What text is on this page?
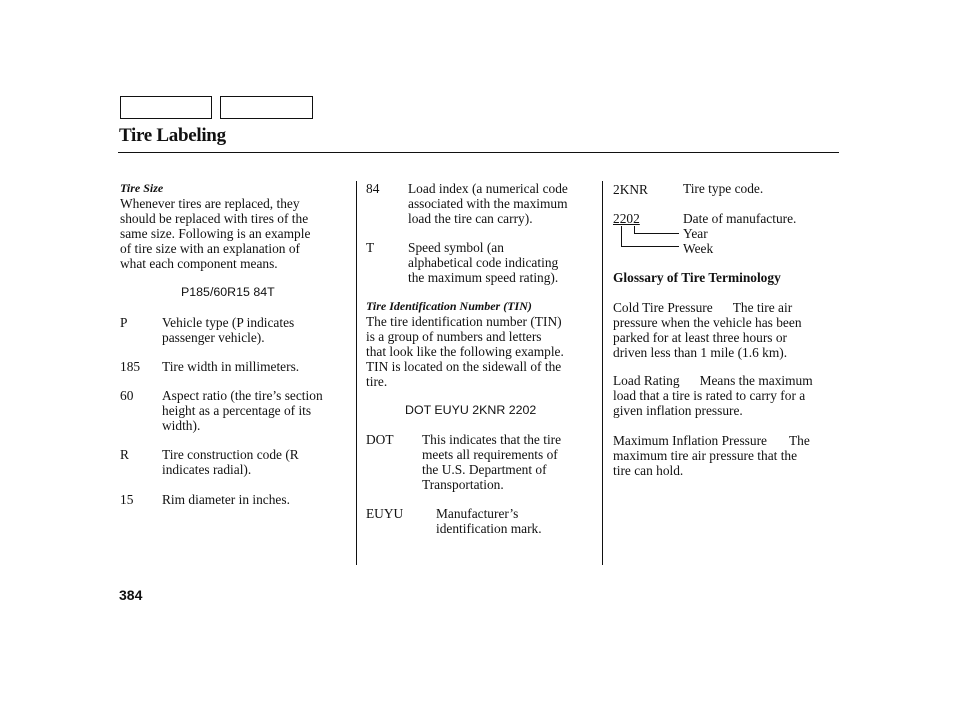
Tire Labeling
Tire Size
Whenever tires are replaced, they
should be replaced with tires of the
same size. Following is an example
of tire size with an explanation of
what each component means.
P185/60R15 84T
P	Vehicle type (P indicates
passenger vehicle).
185 Tire width in millimeters.
60 Aspect ratio (the tire’s section
height as a percentage of its
width).
R Tire construction code (R
indicates radial).
15 Rim diameter in inches.
84 Load index (a numerical code
associated with the maximum
load the tire can carry).
T	Speed symbol (an
alphabetical code indicating
the maximum speed rating).
Tire Identification Number (TIN)
The tire identification number (TIN)
is a group of numbers and letters
that look like the following example.
TIN is located on the sidewall of the
tire.
DOT EUYU 2KNR 2202
DOT This indicates that the tire
meets all requirements of
the U.S. Department of
Transportation.
EUYU Manufacturer’s
identification mark.
2KNR	Tire type code.
2202	Date of manufacture.
Year
Week
Glossary of Tire Terminology
Cold Tire Pressure The tire air
pressure when the vehicle has been
parked for at least three hours or
driven less than 1 mile (1.6 km).
Load Rating Means the maximum
load that a tire is rated to carry for a
given inflation pressure.
Maximum Inflation Pressure The
maximum tire air pressure that the
tire can hold.
384
